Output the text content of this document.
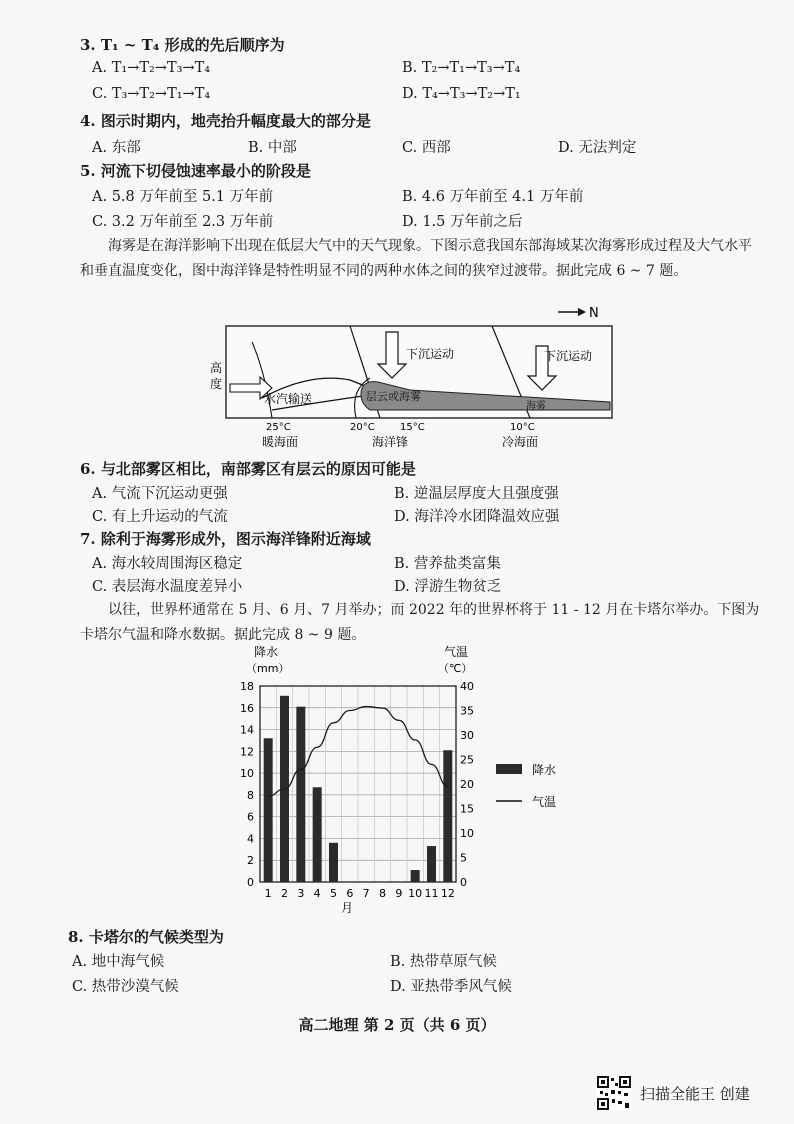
3. T₁ ~ T₄ 形成的先后顺序为
A. T₁→T₂→T₃→T₄	B. T₂→T₁→T₃→T₄
C. T₃→T₂→T₁→T₄	D. T₄→T₃→T₂→T₁
4. 图示时期内，地壳抬升幅度最大的部分是
A. 东部	B. 中部	C. 西部	D. 无法判定
5. 河流下切侵蚀速率最小的阶段是
A. 5.8 万年前至 5.1 万年前	B. 4.6 万年前至 4.1 万年前
C. 3.2 万年前至 2.3 万年前	D. 1.5 万年前之后
海雾是在海洋影响下出现在低层大气中的天气现象。下图示意我国东部海域某次海雾形成过程及大气水平和垂直温度变化，图中海洋锋是特性明显不同的两种水体之间的狭窄过渡带。据此完成 6 ~ 7 题。
N
水汽输送	层云或海雾
海雾
下沉运动	下沉运动
高
度
25°C	20°C	15°C	10°C
暖海面	海洋锋	冷海面
6. 与北部雾区相比，南部雾区有层云的原因可能是
A. 气流下沉运动更强	B. 逆温层厚度大且强度强
C. 有上升运动的气流	D. 海洋冷水团降温效应强
7. 除利于海雾形成外，图示海洋锋附近海域
A. 海水较周围海区稳定	B. 营养盐类富集
C. 表层海水温度差异小	D. 浮游生物贫乏
以往，世界杯通常在 5 月、6 月、7 月举办；而 2022 年的世界杯将于 11 - 12 月在卡塔尔举办。下图为卡塔尔气温和降水数据。据此完成 8 ~ 9 题。
降水
（mm）
气温
（℃）
月
0
2
4
6
8
10
12
14
16
18
0
5
10
15
20
25
30
35
40
1 2 3 4 5 6 7 8 9 10 11 12
降水
气温
8. 卡塔尔的气候类型为
A. 地中海气候	B. 热带草原气候
C. 热带沙漠气候	D. 亚热带季风气候
高二地理 第 2 页（共 6 页）
扫描全能王 创建
